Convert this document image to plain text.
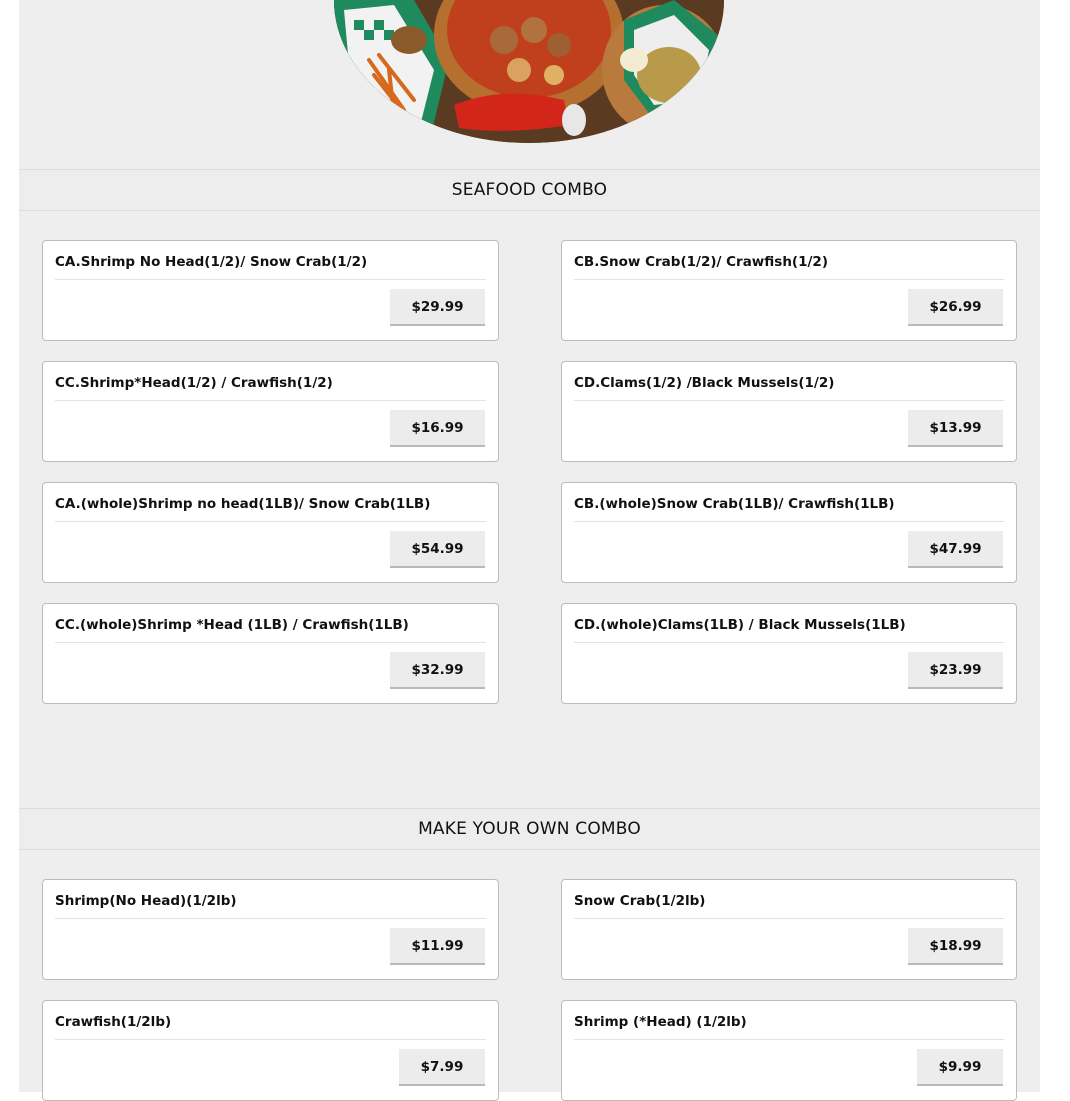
SEAFOOD COMBO
CA.Shrimp No Head(1/2)/ Snow Crab(1/2)
$29.99
CB.Snow Crab(1/2)/ Crawfish(1/2)
$26.99
CC.Shrimp*Head(1/2) / Crawfish(1/2)
$16.99
CD.Clams(1/2) /Black Mussels(1/2)
$13.99
CA.(whole)Shrimp no head(1LB)/ Snow Crab(1LB)
$54.99
CB.(whole)Snow Crab(1LB)/ Crawfish(1LB)
$47.99
CC.(whole)Shrimp *Head (1LB) / Crawfish(1LB)
$32.99
CD.(whole)Clams(1LB) / Black Mussels(1LB)
$23.99
MAKE YOUR OWN COMBO
Shrimp(No Head)(1/2lb)
$11.99
Snow Crab(1/2lb)
$18.99
Crawfish(1/2lb)
$7.99
Shrimp (*Head) (1/2lb)
$9.99
